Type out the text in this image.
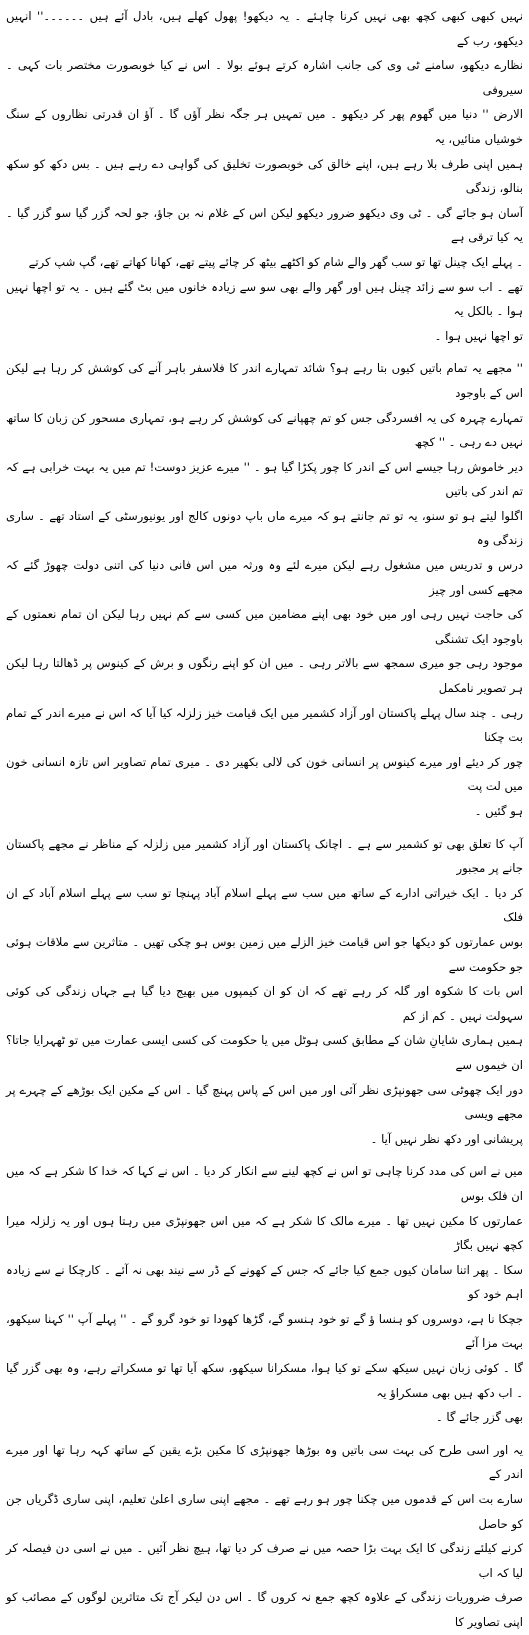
نہیں کبھی کبھی کچھ بھی نہیں کرنا چاہئے ۔ یہ دیکھو! پھول کھلے ہیں، بادل آئے ہیں ۔۔۔۔۔۔'' انہیں دیکھو، رب کے
نظارے دیکھو، سامنے ٹی وی کی جانب اشارہ کرتے ہوئے بولا ۔ اس نے کیا خوبصورت مختصر بات کہی ۔ سیروفی
الارض '' دنیا میں گھوم پھر کر دیکھو ۔ میں تمہیں ہر جگہ نظر آؤں گا ۔ آؤ ان قدرتی نظاروں کے سنگ خوشیاں منائیں، یہ
ہمیں اپنی طرف بلا رہے ہیں، اپنے خالق کی خوبصورت تخلیق کی گواہی دے رہے ہیں ۔ بس دکھ کو سکھ بنالو، زندگی
آسان ہو جائے گی ۔ ٹی وی دیکھو ضرور دیکھو لیکن اس کے غلام نہ بن جاؤ، جو لحہ گزر گیا سو گزر گیا ۔ یہ کیا ترقی ہے
۔ پہلے ایک چینل تھا تو سب گھر والے شام کو اکٹھے بیٹھ کر چائے پیتے تھے، کھانا کھاتے تھے، گپ شپ کرتے
تھے ۔ اب سو سے زائد چینل ہیں اور گھر والے بھی سو سے زیادہ خانوں میں بٹ گئے ہیں ۔ یہ تو اچھا نہیں ہوا ۔ بالکل یہ
تو اچھا نہیں ہوا ۔

'' مجھے یہ تمام باتیں کیوں بتا رہے ہو؟ شائد تمہارے اندر کا فلاسفر باہر آنے کی کوشش کر رہا ہے لیکن اس کے باوجود
تمہارے چہرہ کی یہ افسردگی جس کو تم چھپانے کی کوشش کر رہے ہو، تمہاری مسحور کن زبان کا ساتھ نہیں دے رہی ۔ '' کچھ
دیر خاموش رہا جیسے اس کے اندر کا چور پکڑا گیا ہو ۔ '' میرے عزیز دوست! تم میں یہ بہت خرابی ہے کہ تم اندر کی باتیں
اگلوا لیتے ہو تو سنو، یہ تو تم جانتے ہو کہ میرے ماں باپ دونوں کالج اور یونیورسٹی کے استاد تھے ۔ ساری زندگی وہ
درس و تدریس میں مشغول رہے لیکن میرے لئے وہ ورثہ میں اس فانی دنیا کی اتنی دولت چھوڑ گئے کہ مجھے کسی اور چیز
کی حاجت نہیں رہی اور میں خود بھی اپنے مضامین میں کسی سے کم نہیں رہا لیکن ان تمام نعمتوں کے باوجود ایک تشنگی
موجود رہی جو میری سمجھ سے بالاتر رہی ۔ میں ان کو اپنے رنگوں و برش کے کینوس پر ڈھالتا رہا لیکن ہر تصویر نامکمل
رہی ۔ چند سال پہلے پاکستان اور آزاد کشمیر میں ایک قیامت خیز زلزلہ کیا آیا کہ اس نے میرے اندر کے تمام بت چکنا
چور کر دیئے اور میرے کینوس پر انسانی خون کی لالی بکھیر دی ۔ میری تمام تصاویر اس تازہ انسانی خون میں لت پت
ہو گئیں ۔

آپ کا تعلق بھی تو کشمیر سے ہے ۔ اچانک پاکستان اور آزاد کشمیر میں زلزلہ کے مناظر نے مجھے پاکستان جانے پر مجبور
کر دیا ۔ ایک خیراتی ادارے کے ساتھ میں سب سے پہلے اسلام آباد پہنچا تو سب سے پہلے اسلام آباد کے ان فلک
بوس عمارتوں کو دیکھا جو اس قیامت خیز الزلے میں زمین بوس ہو چکی تھیں ۔ متاثرین سے ملاقات ہوئی جو حکومت سے
اس بات کا شکوہ اور گلہ کر رہے تھے کہ ان کو ان کیمپوں میں بھیج دیا گیا ہے جہاں زندگی کی کوئی سہولت نہیں ۔ کم از کم
ہمیں ہماری شایانِ شان کے مطابق کسی ہوٹل میں یا حکومت کی کسی ایسی عمارت میں تو ٹھہرایا جاتا؟ ان خیموں سے
دور ایک چھوٹی سی جھونپڑی نظر آئی اور میں اس کے پاس پہنچ گیا ۔ اس کے مکین ایک بوڑھے کے چہرے پر مجھے ویسی
پریشانی اور دکھ نظر نہیں آیا ۔

میں نے اس کی مدد کرنا چاہی تو اس نے کچھ لینے سے انکار کر دیا ۔ اس نے کہا کہ خدا کا شکر ہے کہ میں ان فلک بوس
عمارتوں کا مکین نہیں تھا ۔ میرے مالک کا شکر ہے کہ میں اس جھونپڑی میں رہتا ہوں اور یہ زلزلہ میرا کچھ نہیں بگاڑ
سکا ۔ پھر اتنا سامان کیوں جمع کیا جائے کہ جس کے کھونے کے ڈر سے نیند بھی نہ آئے ۔ کارچکا نے سے زیادہ اہم خود کو
جچکا نا ہے، دوسروں کو ہنسا ؤ گے تو خود ہنسو گے، گڑھا کھودا تو خود گرو گے ۔ '' پہلے آپ '' کہنا سیکھو، بہت مزا آئے
گا ۔ کوئی زبان نہیں سیکھ سکے تو کیا ہوا، مسکرانا سیکھو، سکھ آیا تھا تو مسکراتے رہے، وہ بھی گزر گیا ۔ اب دکھ ہیں بھی مسکراؤ یہ
بھی گزر جائے گا ۔

یہ اور اسی طرح کی بہت سی باتیں وہ بوڑھا جھونپڑی کا مکین بڑے یقین کے ساتھ کہہ رہا تھا اور میرے اندر کے
سارے بت اس کے قدموں میں چکنا چور ہو رہے تھے ۔ مجھے اپنی ساری اعلیٰ تعلیم، اپنی ساری ڈگریاں جن کو حاصل
کرنے کیلئے زندگی کا ایک بہت بڑا حصہ میں نے صرف کر دیا تھا، ہیچ نظر آئیں ۔ میں نے اسی دن فیصلہ کر لیا کہ اب
صرف ضروریات زندگی کے علاوہ کچھ جمع نہ کروں گا ۔ اس دن لیکر آج تک متاثرین لوگوں کے مصائب کو اپنی تصاویر کا
